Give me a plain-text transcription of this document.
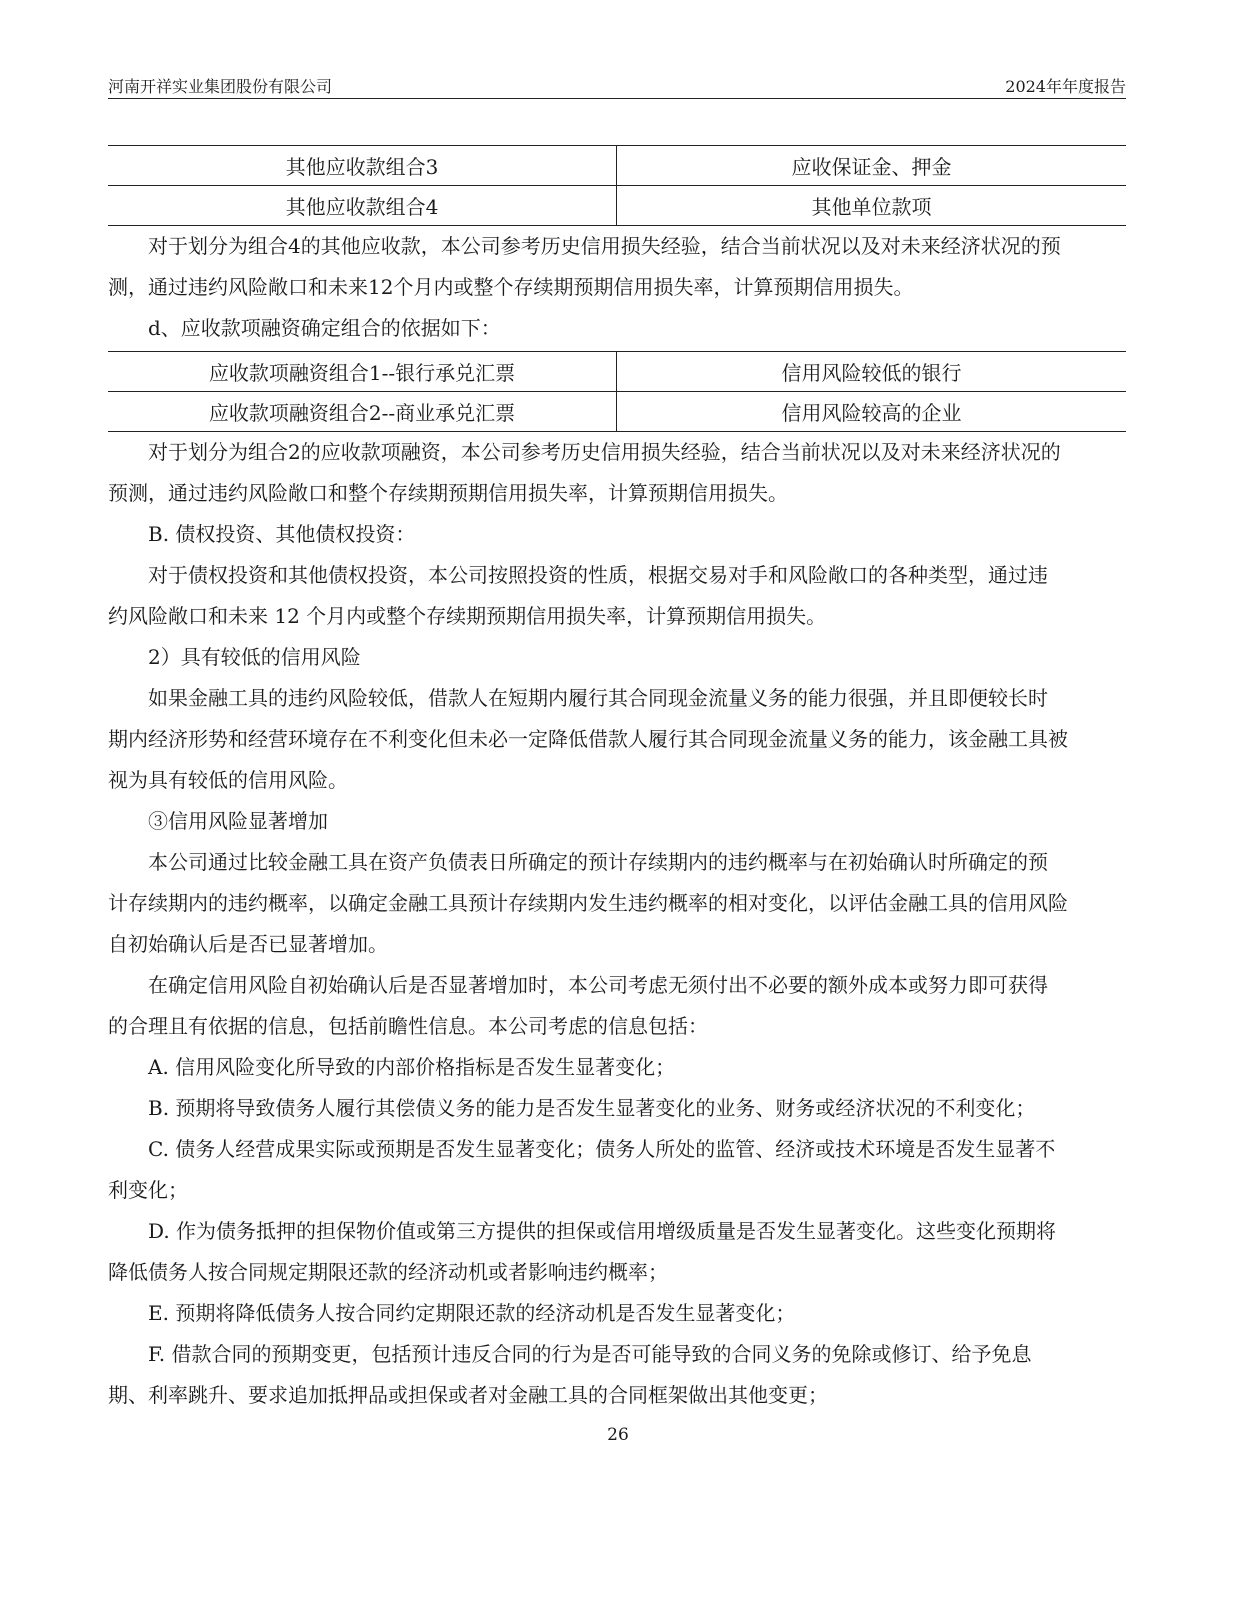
河南开祥实业集团股份有限公司	2024年年度报告
其他应收款组合3	应收保证金、押金
其他应收款组合4	其他单位款项

对于划分为组合4的其他应收款，本公司参考历史信用损失经验，结合当前状况以及对未来经济状况的预

测，通过违约风险敞口和未来12个月内或整个存续期预期信用损失率，计算预期信用损失。

d、应收款项融资确定组合的依据如下：

应收款项融资组合1--银行承兑汇票	信用风险较低的银行
应收款项融资组合2--商业承兑汇票	信用风险较高的企业

对于划分为组合2的应收款项融资，本公司参考历史信用损失经验，结合当前状况以及对未来经济状况的

预测，通过违约风险敞口和整个存续期预期信用损失率，计算预期信用损失。

B. 债权投资、其他债权投资：

对于债权投资和其他债权投资，本公司按照投资的性质，根据交易对手和风险敞口的各种类型，通过违

约风险敞口和未来 12 个月内或整个存续期预期信用损失率，计算预期信用损失。

2）具有较低的信用风险

如果金融工具的违约风险较低，借款人在短期内履行其合同现金流量义务的能力很强，并且即便较长时

期内经济形势和经营环境存在不利变化但未必一定降低借款人履行其合同现金流量义务的能力，该金融工具被

视为具有较低的信用风险。

③信用风险显著增加

本公司通过比较金融工具在资产负债表日所确定的预计存续期内的违约概率与在初始确认时所确定的预

计存续期内的违约概率，以确定金融工具预计存续期内发生违约概率的相对变化，以评估金融工具的信用风险

自初始确认后是否已显著增加。

在确定信用风险自初始确认后是否显著增加时，本公司考虑无须付出不必要的额外成本或努力即可获得

的合理且有依据的信息，包括前瞻性信息。本公司考虑的信息包括：

A. 信用风险变化所导致的内部价格指标是否发生显著变化；

B. 预期将导致债务人履行其偿债义务的能力是否发生显著变化的业务、财务或经济状况的不利变化；

C. 债务人经营成果实际或预期是否发生显著变化；债务人所处的监管、经济或技术环境是否发生显著不

利变化；

D. 作为债务抵押的担保物价值或第三方提供的担保或信用增级质量是否发生显著变化。这些变化预期将

降低债务人按合同规定期限还款的经济动机或者影响违约概率；

E. 预期将降低债务人按合同约定期限还款的经济动机是否发生显著变化；

F. 借款合同的预期变更，包括预计违反合同的行为是否可能导致的合同义务的免除或修订、给予免息

期、利率跳升、要求追加抵押品或担保或者对金融工具的合同框架做出其他变更；

26
